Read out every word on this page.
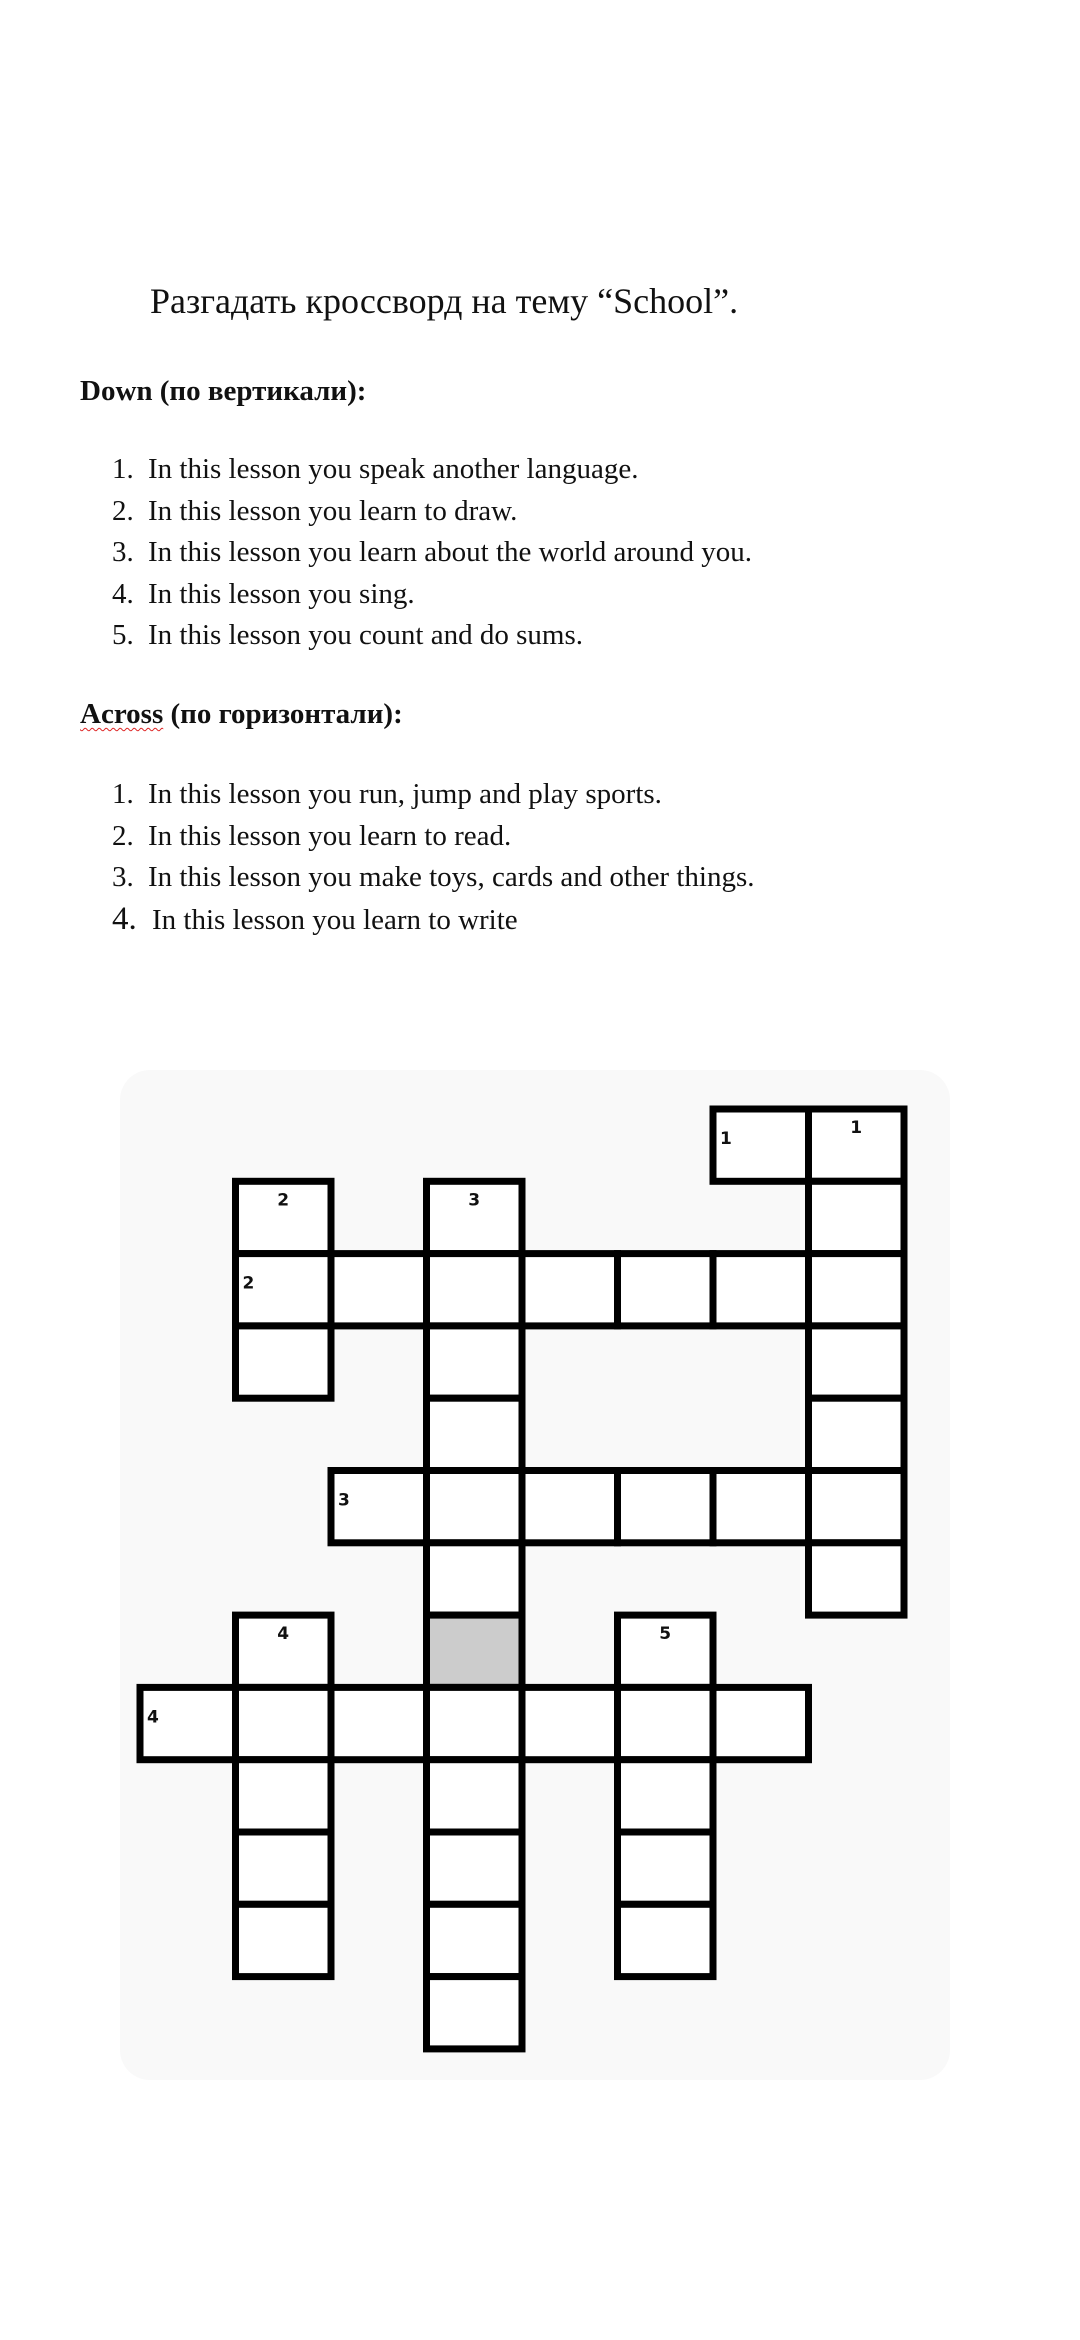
Разгадать кроссворд на тему “School”.
Down (по вертикали):
1. In this lesson you speak another language.
2. In this lesson you learn to draw.
3. In this lesson you learn about the world around you.
4. In this lesson you sing.
5. In this lesson you count and do sums.
Across (по горизонтали):
1. In this lesson you run, jump and play sports.
2. In this lesson you learn to read.
3. In this lesson you make toys, cards and other things.
4. In this lesson you learn to write
1
1
2	3
2
3
4	5
4
